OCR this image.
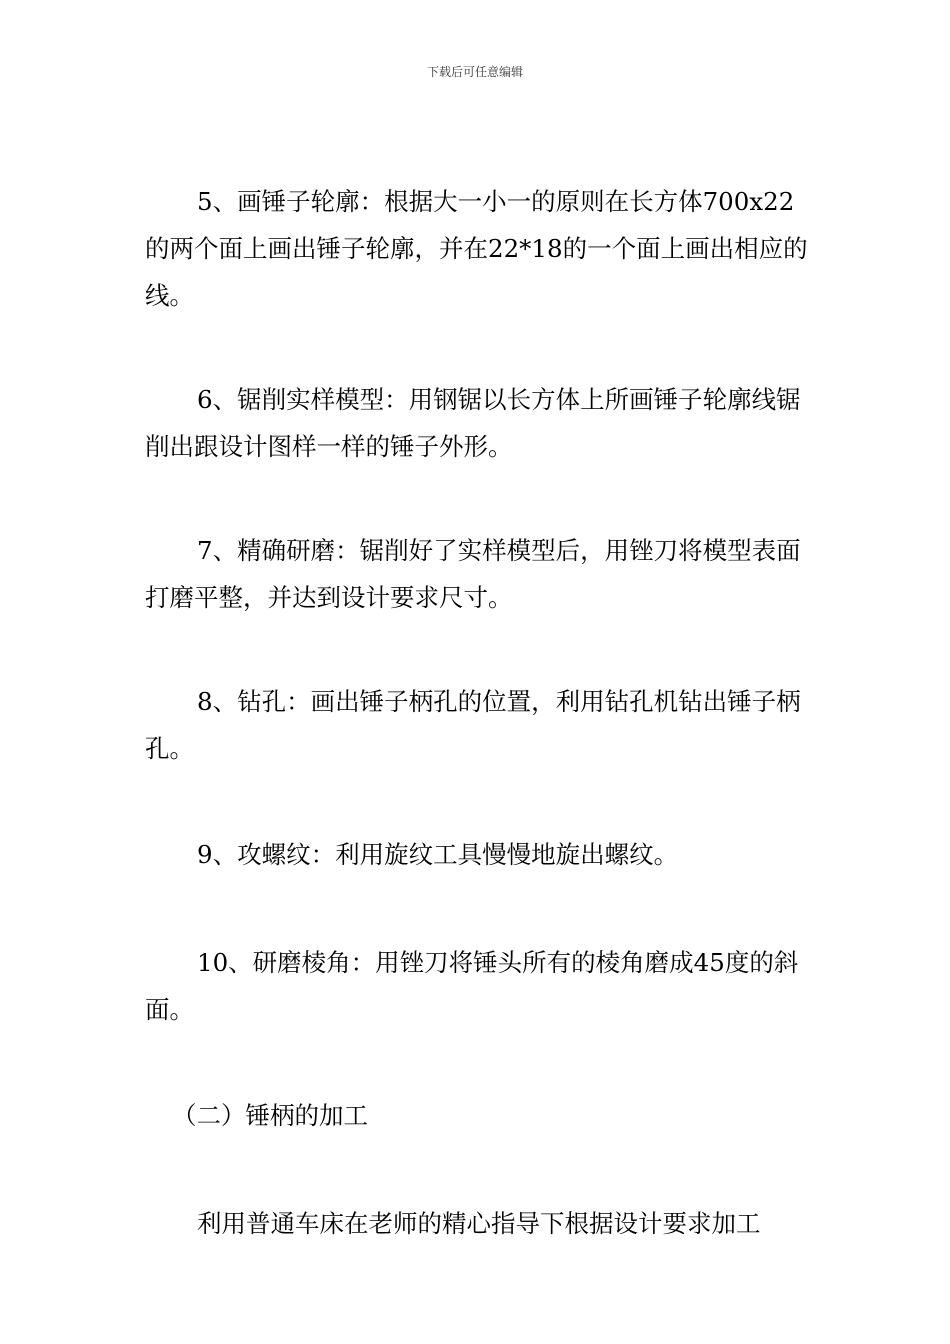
下载后可任意编辑

5、画锤子轮廓：根据大一小一的原则在长方体700x22的两个面上画出锤子轮廓，并在22*18的一个面上画出相应的线。

6、锯削实样模型：用钢锯以长方体上所画锤子轮廓线锯削出跟设计图样一样的锤子外形。

7、精确研磨：锯削好了实样模型后，用锉刀将模型表面打磨平整，并达到设计要求尺寸。

8、钻孔：画出锤子柄孔的位置，利用钻孔机钻出锤子柄孔。

9、攻螺纹：利用旋纹工具慢慢地旋出螺纹。

10、研磨棱角：用锉刀将锤头所有的棱角磨成45度的斜面。

（二）锤柄的加工

利用普通车床在老师的精心指导下根据设计要求加工
